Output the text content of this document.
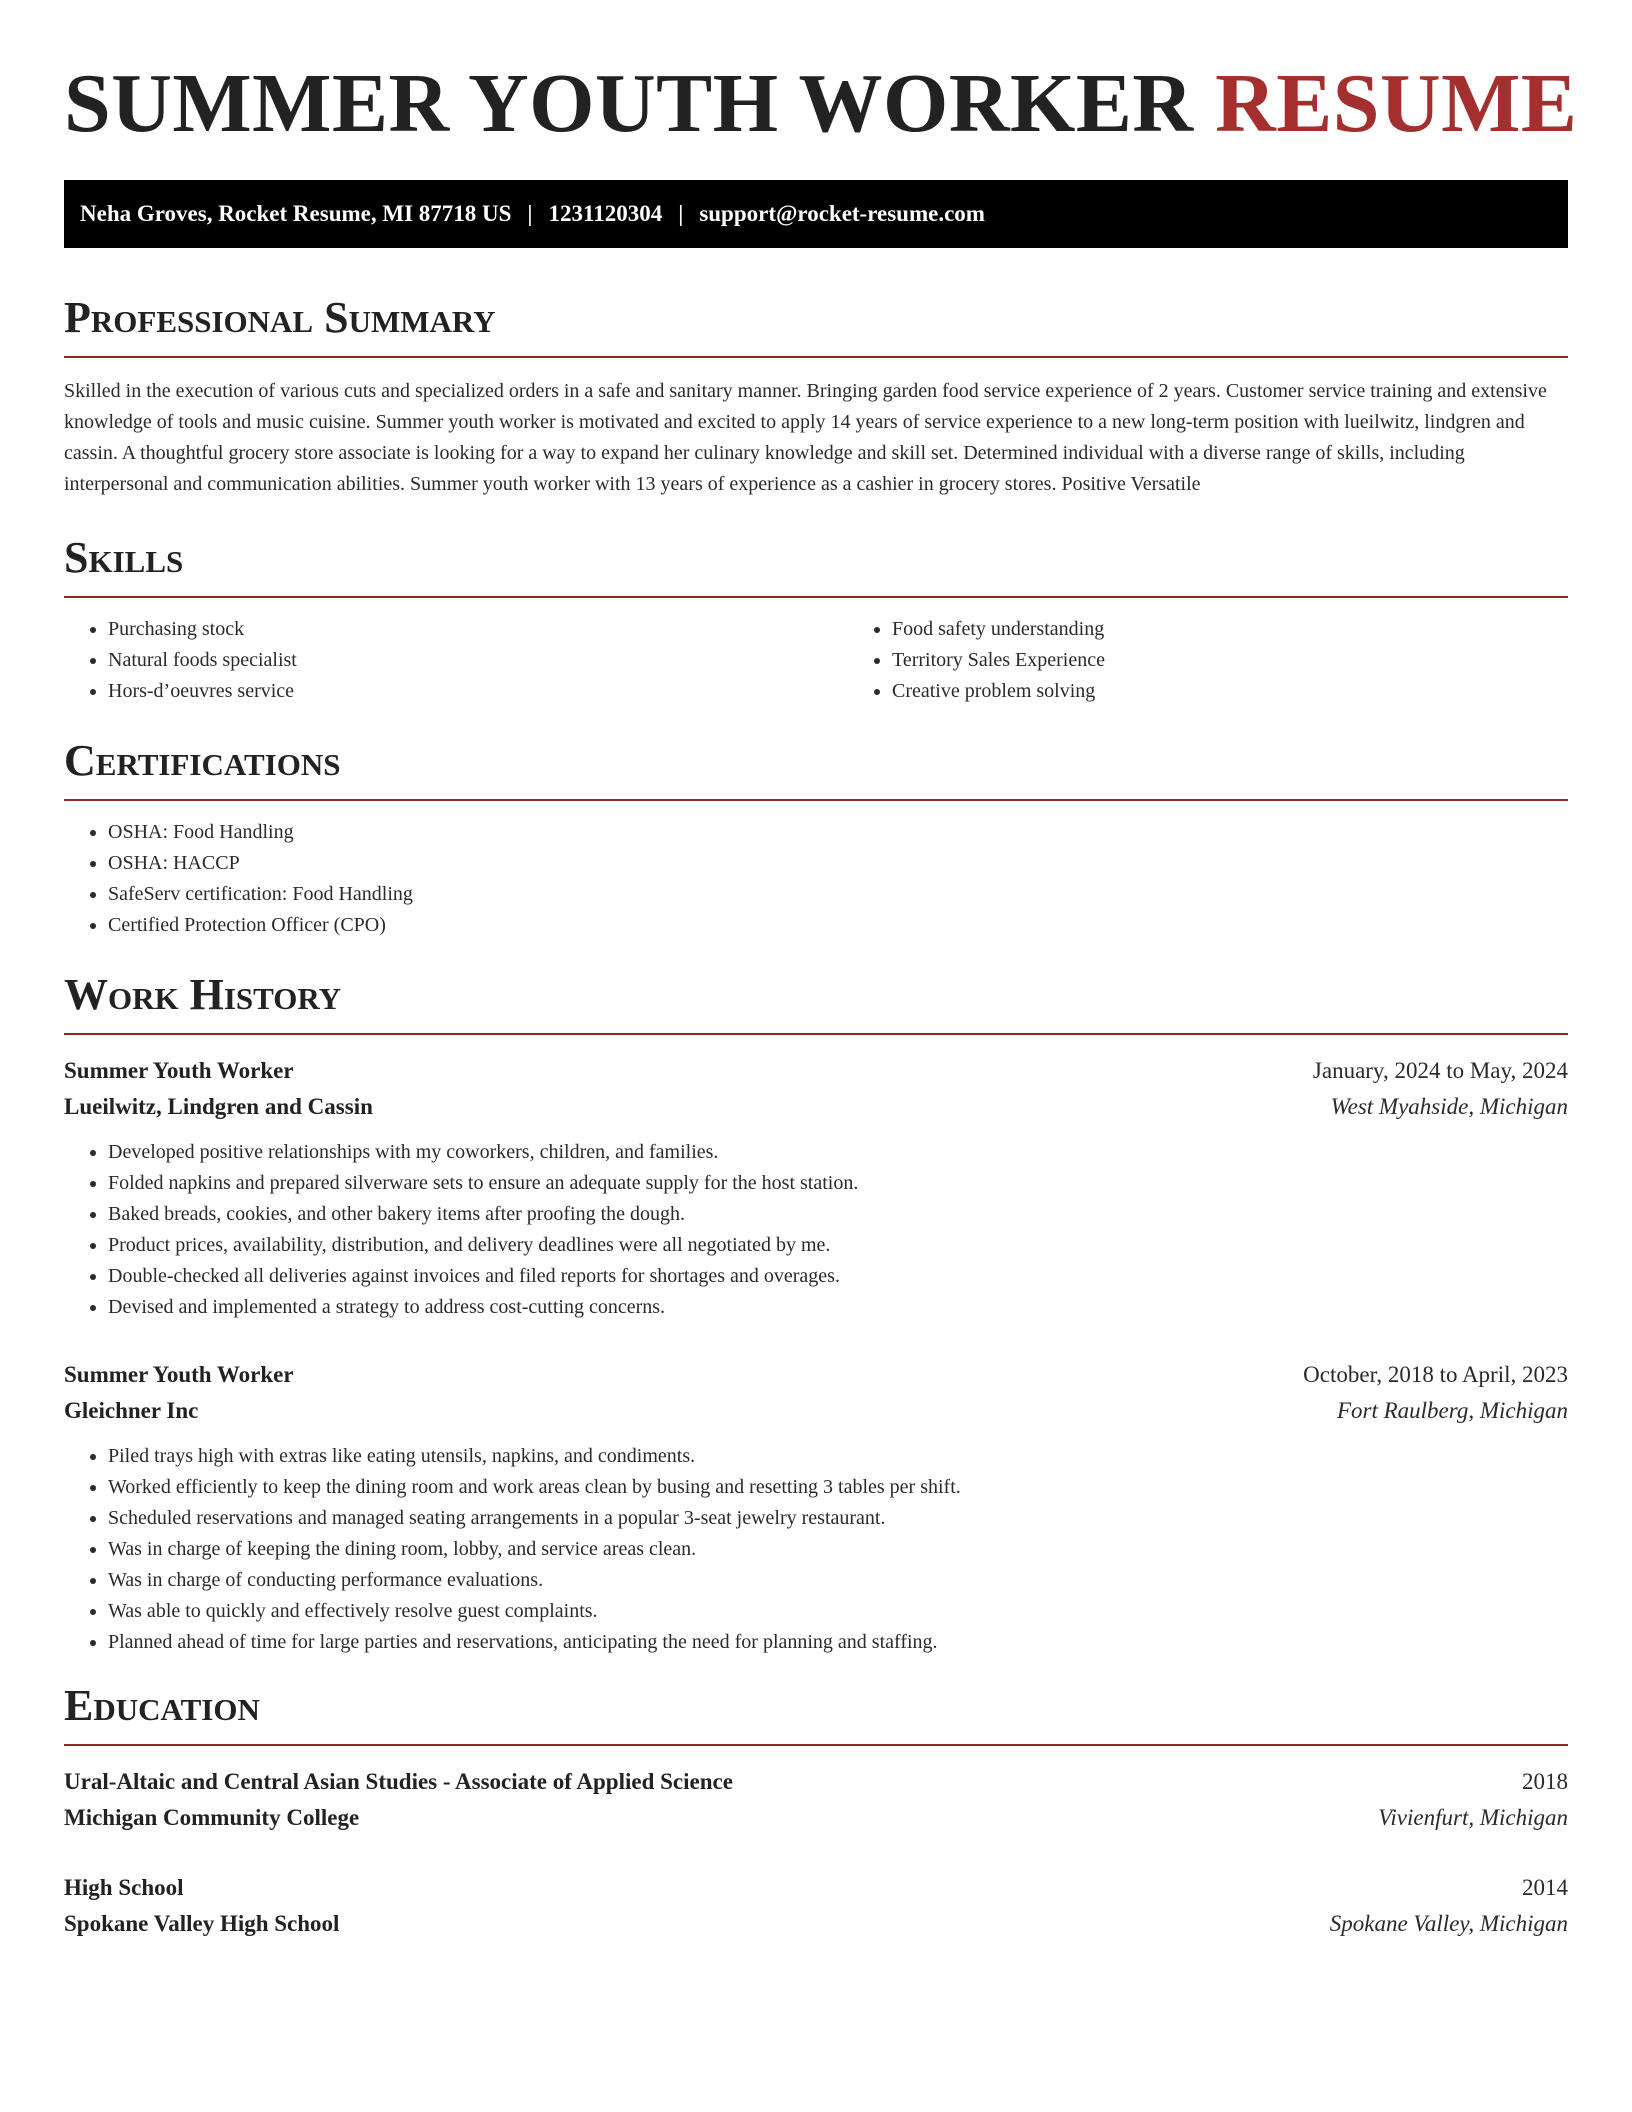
SUMMER YOUTH WORKER RESUME
Neha Groves, Rocket Resume, MI 87718 US | 1231120304 | support@rocket-resume.com
Professional Summary

Skilled in the execution of various cuts and specialized orders in a safe and sanitary manner. Bringing garden food service experience of 2 years. Customer service training and extensive knowledge of tools and music cuisine. Summer youth worker is motivated and excited to apply 14 years of service experience to a new long-term position with lueilwitz, lindgren and cassin. A thoughtful grocery store associate is looking for a way to expand her culinary knowledge and skill set. Determined individual with a diverse range of skills, including interpersonal and communication abilities. Summer youth worker with 13 years of experience as a cashier in grocery stores. Positive Versatile

Skills
• Purchasing stock
• Natural foods specialist
• Hors-d’oeuvres service
• Food safety understanding
• Territory Sales Experience
• Creative problem solving
Certifications
• OSHA: Food Handling
• OSHA: HACCP
• SafeServ certification: Food Handling
• Certified Protection Officer (CPO)
Work History
Summer Youth Worker	January, 2024 to May, 2024
Lueilwitz, Lindgren and Cassin	West Myahside, Michigan
• Developed positive relationships with my coworkers, children, and families.
• Folded napkins and prepared silverware sets to ensure an adequate supply for the host station.
• Baked breads, cookies, and other bakery items after proofing the dough.
• Product prices, availability, distribution, and delivery deadlines were all negotiated by me.
• Double-checked all deliveries against invoices and filed reports for shortages and overages.
• Devised and implemented a strategy to address cost-cutting concerns.
Summer Youth Worker	October, 2018 to April, 2023
Gleichner Inc	Fort Raulberg, Michigan
• Piled trays high with extras like eating utensils, napkins, and condiments.
• Worked efficiently to keep the dining room and work areas clean by busing and resetting 3 tables per shift.
• Scheduled reservations and managed seating arrangements in a popular 3-seat jewelry restaurant.
• Was in charge of keeping the dining room, lobby, and service areas clean.
• Was in charge of conducting performance evaluations.
• Was able to quickly and effectively resolve guest complaints.
• Planned ahead of time for large parties and reservations, anticipating the need for planning and staffing.
Education
Ural-Altaic and Central Asian Studies - Associate of Applied Science	2018
Michigan Community College	Vivienfurt, Michigan
High School	2014
Spokane Valley High School	Spokane Valley, Michigan
